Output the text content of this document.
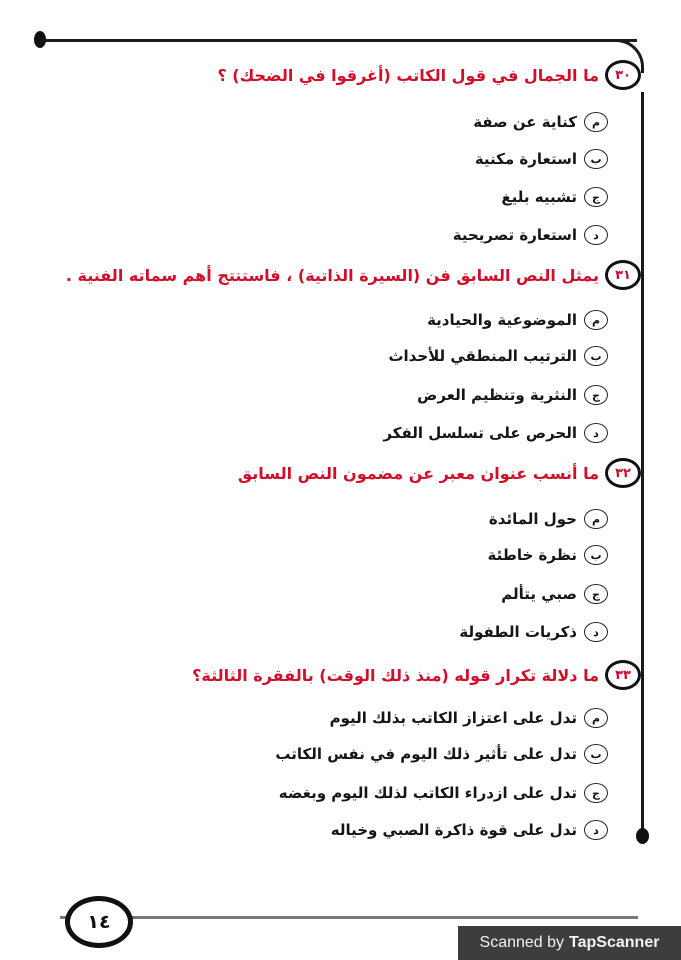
١٤
٣٠
ما الجمال في قول الكاتب (أغرقوا في الضحك) ؟
م
كناية عن صفة
ب
استعارة مكنية
ج
تشبيه بليغ
د
استعارة تصريحية
٣١
يمثل النص السابق فن (السيرة الذاتية) ، فاستنتج أهم سماته الفنية .
م
الموضوعية والحيادية
ب
الترتيب المنطقي للأحداث
ج
النثرية وتنظيم العرض
د
الحرص على تسلسل الفكر
٣٢
ما أنسب عنوان معبر عن مضمون النص السابق
م
حول المائدة
ب
نظرة خاطئة
ج
صبي يتألم
د
ذكريات الطفولة
٣٣
ما دلالة تكرار قوله (منذ ذلك الوقت) بالفقرة الثالثة؟
م
تدل على اعتزاز الكاتب بذلك اليوم
ب
تدل على تأثير ذلك اليوم في نفس الكاتب
ج
تدل على ازدراء الكاتب لذلك اليوم وبغضه
د
تدل على قوة ذاكرة الصبي وخياله
Scanned by TapScanner
